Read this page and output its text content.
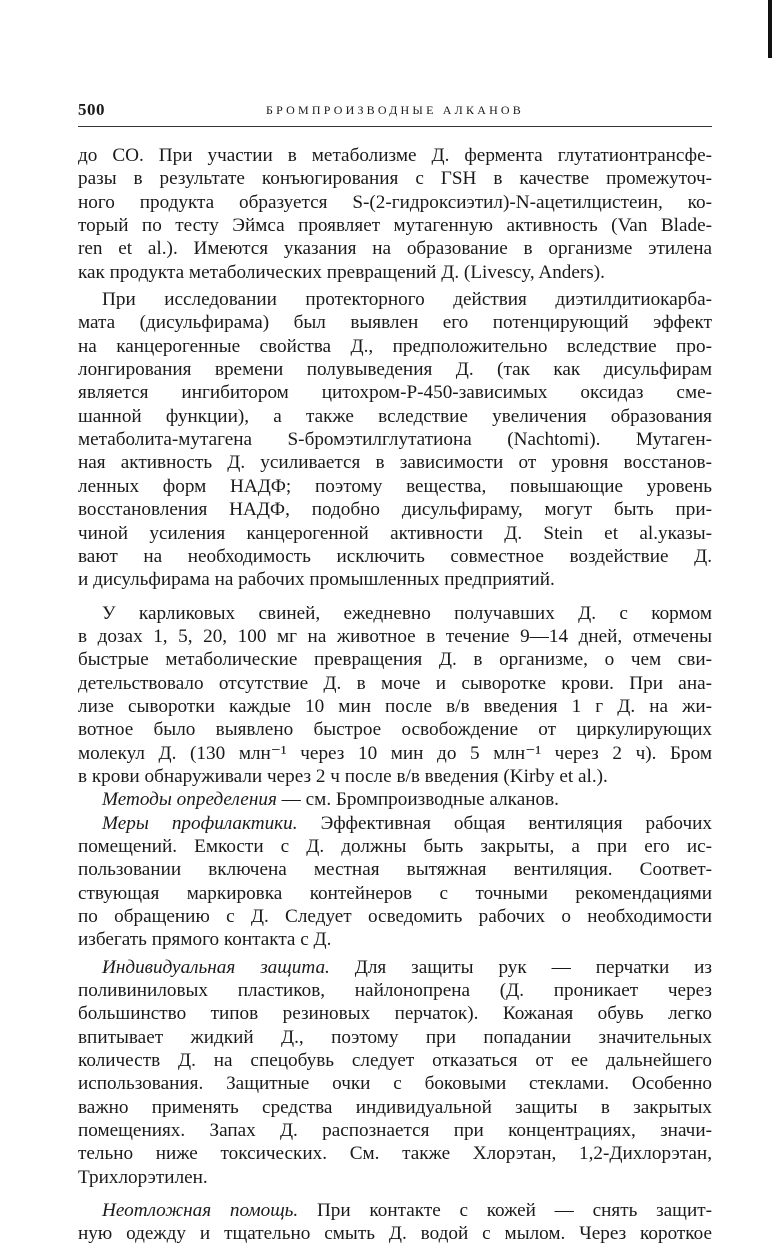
500	БРОМПРОИЗВОДНЫЕ АЛКАНОВ
до CO. При участии в метаболизме Д. фермента глутатионтрансфе-
разы в результате конъюгирования с ГSH в качестве промежуточ-
ного продукта образуется S-(2-гидроксиэтил)-N-ацетилцистеин, ко-
торый по тесту Эймса проявляет мутагенную активность (Van Blade-
ren et al.). Имеются указания на образование в организме этилена
как продукта метаболических превращений Д. (Livescy, Anders).
При исследовании протекторного действия диэтилдитиокарба-
мата (дисульфирама) был выявлен его потенцирующий эффект
на канцерогенные свойства Д., предположительно вследствие про-
лонгирования времени полувыведения Д. (так как дисульфирам
является ингибитором цитохром-P-450-зависимых оксидаз сме-
шанной функции), а также вследствие увеличения образования
метаболита-мутагена S-бромэтилглутатиона (Nachtomi). Мутаген-
ная активность Д. усиливается в зависимости от уровня восстанов-
ленных форм НАДФ; поэтому вещества, повышающие уровень
восстановления НАДФ, подобно дисульфираму, могут быть при-
чиной усиления канцерогенной активности Д. Stein et al.указы-
вают на необходимость исключить совместное воздействие Д.
и дисульфирама на рабочих промышленных предприятий.
У карликовых свиней, ежедневно получавших Д. с кормом
в дозах 1, 5, 20, 100 мг на животное в течение 9—14 дней, отмечены
быстрые метаболические превращения Д. в организме, о чем сви-
детельствовало отсутствие Д. в моче и сыворотке крови. При ана-
лизе сыворотки каждые 10 мин после в/в введения 1 г Д. на жи-
вотное было выявлено быстрое освобождение от циркулирующих
молекул Д. (130 млн⁻¹ через 10 мин до 5 млн⁻¹ через 2 ч). Бром
в крови обнаруживали через 2 ч после в/в введения (Kirby et al.).
Методы определения — см. Бромпроизводные алканов.
Меры профилактики. Эффективная общая вентиляция рабочих
помещений. Емкости с Д. должны быть закрыты, а при его ис-
пользовании включена местная вытяжная вентиляция. Соответ-
ствующая маркировка контейнеров с точными рекомендациями
по обращению с Д. Следует осведомить рабочих о необходимости
избегать прямого контакта с Д.
Индивидуальная защита. Для защиты рук — перчатки из
поливиниловых пластиков, найлонопрена (Д. проникает через
большинство типов резиновых перчаток). Кожаная обувь легко
впитывает жидкий Д., поэтому при попадании значительных
количеств Д. на спецобувь следует отказаться от ее дальнейшего
использования. Защитные очки с боковыми стеклами. Особенно
важно применять средства индивидуальной защиты в закрытых
помещениях. Запах Д. распознается при концентрациях, значи-
тельно ниже токсических. См. также Хлорэтан, 1,2-Дихлорэтан,
Трихлорэтилен.
Неотложная помощь. При контакте с кожей — снять защит-
ную одежду и тщательно смыть Д. водой с мылом. Через короткое
